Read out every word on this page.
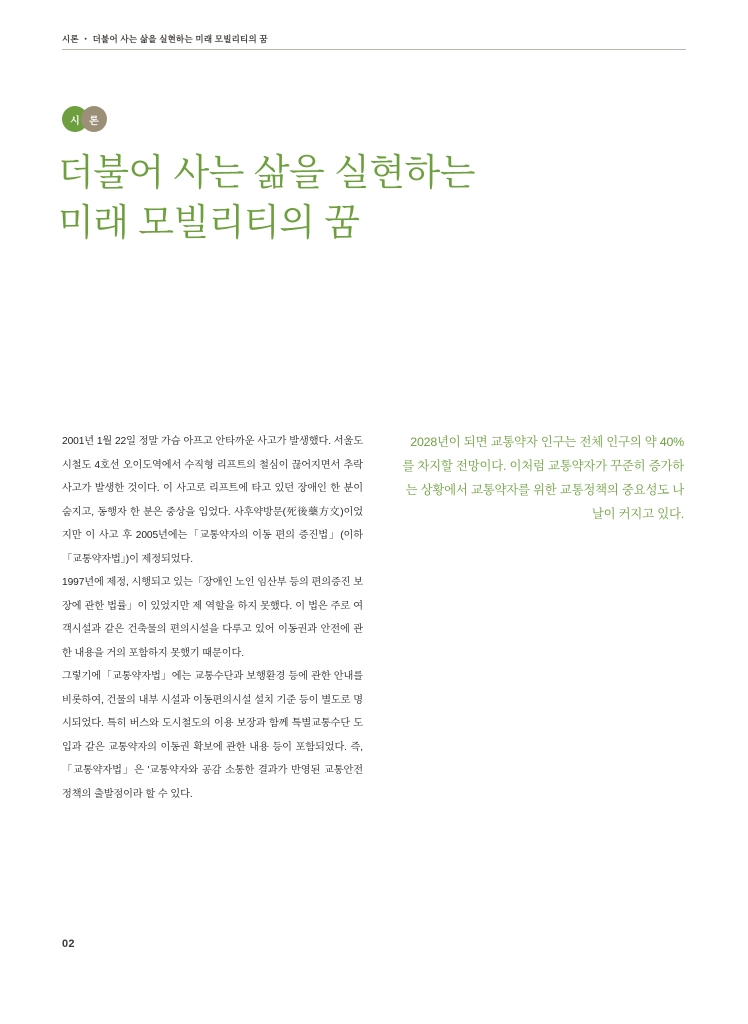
시론 ・ 더불어 사는 삶을 실현하는 미래 모빌리티의 꿈
시 론
더불어 사는 삶을 실현하는
미래 모빌리티의 꿈

2001년 1월 22일 정말 가슴 아프고 안타까운 사고가 발생했다. 서울도시철도 4호선 오이도역에서 수직형 리프트의 철심이 끊어지면서 추락 사고가 발생한 것이다. 이 사고로 리프트에 타고 있던 장애인 한 분이 숨지고, 동행자 한 분은 중상을 입었다. 사후약방문(死後藥方文)이었지만 이 사고 후 2005년에는「교통약자의 이동 편의 증진법」(이하「교통약자법」)이 제정되었다.

1997년에 제정, 시행되고 있는「장애인 노인 임산부 등의 편의증진 보장에 관한 법률」이 있었지만 제 역할을 하지 못했다. 이 법은 주로 여객시설과 같은 건축물의 편의시설을 다루고 있어 이동권과 안전에 관한 내용을 거의 포함하지 못했기 때문이다.

그렇기에「교통약자법」에는 교통수단과 보행환경 등에 관한 안내를 비롯하여, 건물의 내부 시설과 이동편의시설 설치 기준 등이 별도로 명시되었다. 특히 버스와 도시철도의 이용 보장과 함께 특별교통수단 도입과 같은 교통약자의 이동권 확보에 관한 내용 등이 포함되었다. 즉,「교통약자법」은 '교통약자와 공감 소통한 결과가 반영된 교통안전 정책의 출발점이라 할 수 있다.

2028년이 되면 교통약자 인구는 전체 인구의 약 40%를 차지할 전망이다. 이처럼 교통약자가 꾸준히 증가하는 상황에서 교통약자를 위한 교통정책의 중요성도 나날이 커지고 있다.

02
